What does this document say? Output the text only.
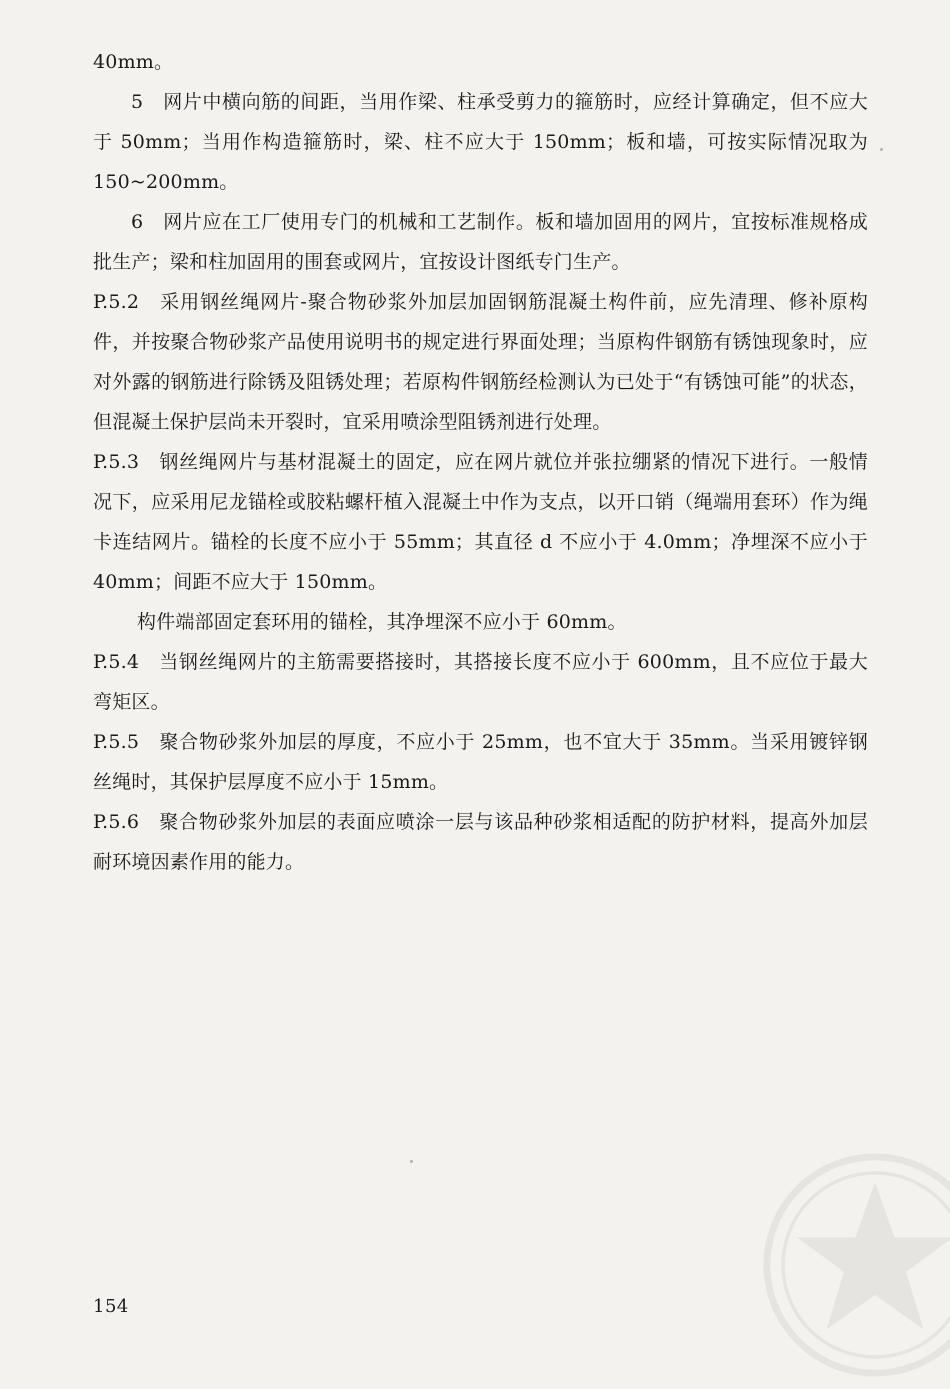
40mm。

5　网片中横向筋的间距，当用作梁、柱承受剪力的箍筋时，应经计算确定，但不应大于 50mm；当用作构造箍筋时，梁、柱不应大于 150mm；板和墙，可按实际情况取为 150~200mm。

6　网片应在工厂使用专门的机械和工艺制作。板和墙加固用的网片，宜按标准规格成批生产；梁和柱加固用的围套或网片，宜按设计图纸专门生产。

P.5.2　采用钢丝绳网片-聚合物砂浆外加层加固钢筋混凝土构件前，应先清理、修补原构件，并按聚合物砂浆产品使用说明书的规定进行界面处理；当原构件钢筋有锈蚀现象时，应对外露的钢筋进行除锈及阻锈处理；若原构件钢筋经检测认为已处于“有锈蚀可能”的状态，但混凝土保护层尚未开裂时，宜采用喷涂型阻锈剂进行处理。

P.5.3　钢丝绳网片与基材混凝土的固定，应在网片就位并张拉绷紧的情况下进行。一般情况下，应采用尼龙锚栓或胶粘螺杆植入混凝土中作为支点，以开口销（绳端用套环）作为绳卡连结网片。锚栓的长度不应小于 55mm；其直径 d 不应小于 4.0mm；净埋深不应小于 40mm；间距不应大于 150mm。

构件端部固定套环用的锚栓，其净埋深不应小于 60mm。

P.5.4　当钢丝绳网片的主筋需要搭接时，其搭接长度不应小于 600mm，且不应位于最大弯矩区。

P.5.5　聚合物砂浆外加层的厚度，不应小于 25mm，也不宜大于 35mm。当采用镀锌钢丝绳时，其保护层厚度不应小于 15mm。

P.5.6　聚合物砂浆外加层的表面应喷涂一层与该品种砂浆相适配的防护材料，提高外加层耐环境因素作用的能力。

154
